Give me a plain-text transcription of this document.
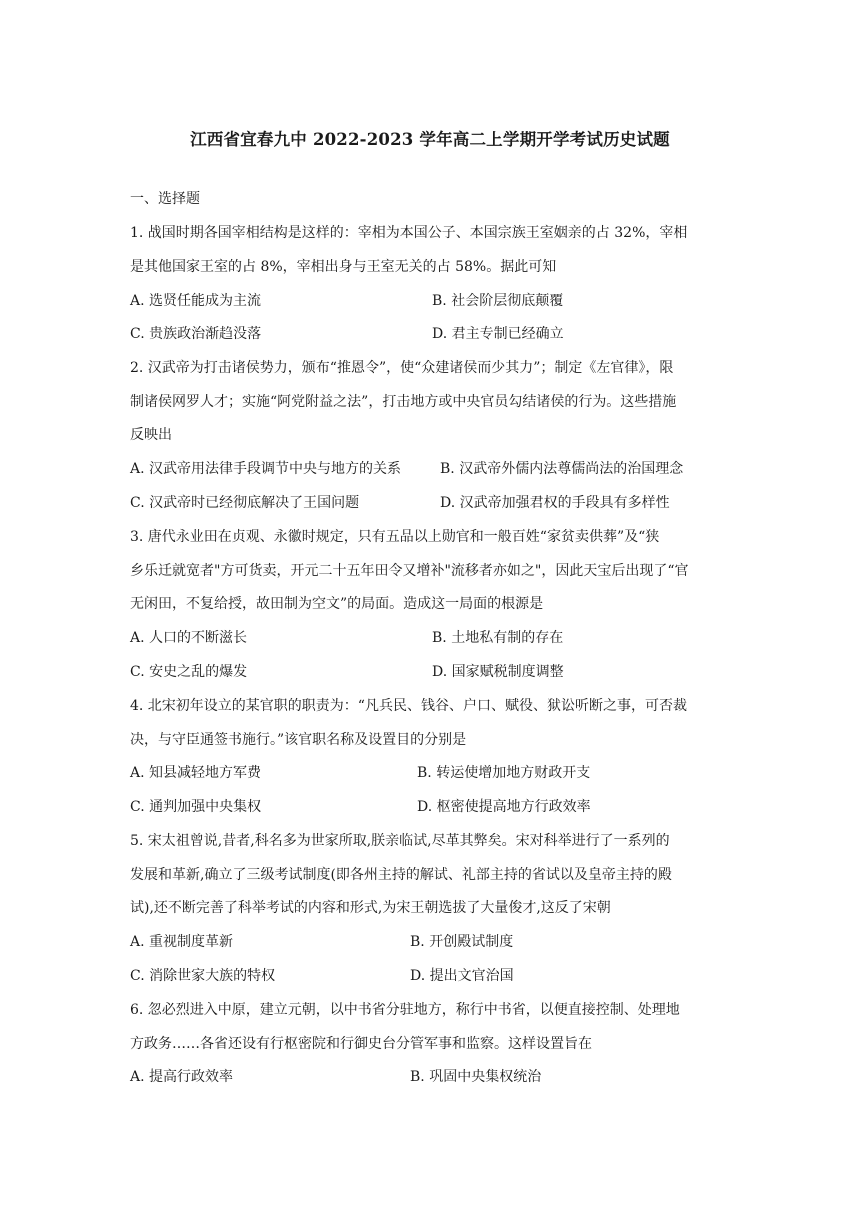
江西省宜春九中 2022-2023 学年高二上学期开学考试历史试题
一、选择题
1. 战国时期各国宰相结构是这样的：宰相为本国公子、本国宗族王室姻亲的占 32%，宰相
是其他国家王室的占 8%，宰相出身与王室无关的占 58%。据此可知
A. 选贤任能成为主流	B. 社会阶层彻底颠覆
C. 贵族政治渐趋没落	D. 君主专制已经确立
2. 汉武帝为打击诸侯势力，颁布“推恩令”，使“众建诸侯而少其力”；制定《左官律》，限
制诸侯网罗人才；实施“阿党附益之法”，打击地方或中央官员勾结诸侯的行为。这些措施
反映出
A. 汉武帝用法律手段调节中央与地方的关系	B. 汉武帝外儒内法尊儒尚法的治国理念
C. 汉武帝时已经彻底解决了王国问题	D. 汉武帝加强君权的手段具有多样性
3. 唐代永业田在贞观、永徽时规定，只有五品以上勋官和一般百姓“家贫卖供葬”及“狭
乡乐迁就宽者"方可货卖，开元二十五年田令又增补"流移者亦如之"，因此天宝后出现了“官
无闲田，不复给授，故田制为空文”的局面。造成这一局面的根源是
A. 人口的不断滋长	B. 土地私有制的存在
C. 安史之乱的爆发	D. 国家赋税制度调整
4. 北宋初年设立的某官职的职责为：“凡兵民、钱谷、户口、赋役、狱讼听断之事，可否裁
决，与守臣通签书施行。”该官职名称及设置目的分别是
A. 知县减轻地方军费	B. 转运使增加地方财政开支
C. 通判加强中央集权	D. 枢密使提高地方行政效率
5. 宋太祖曾说,昔者,科名多为世家所取,朕亲临试,尽革其弊矣。宋对科举进行了一系列的
发展和革新,确立了三级考试制度(即各州主持的解试、礼部主持的省试以及皇帝主持的殿
试),还不断完善了科举考试的内容和形式,为宋王朝选拔了大量俊才,这反了宋朝
A. 重视制度革新	B. 开创殿试制度
C. 消除世家大族的特权	D. 提出文官治国
6. 忽必烈进入中原，建立元朝，以中书省分驻地方，称行中书省，以便直接控制、处理地
方政务……各省还设有行枢密院和行御史台分管军事和监察。这样设置旨在
A. 提高行政效率	B. 巩固中央集权统治
